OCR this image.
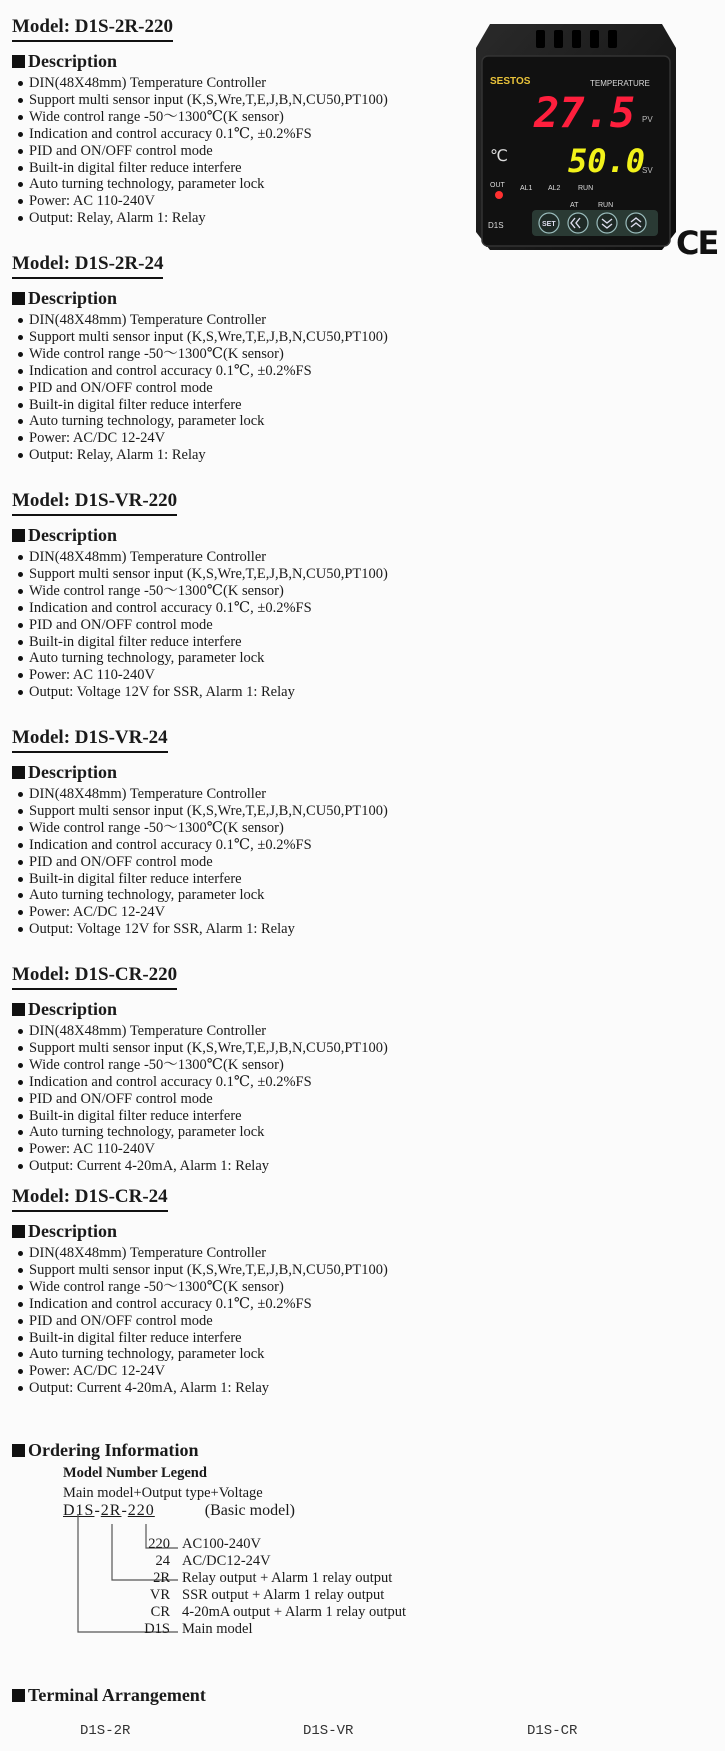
Model: D1S-2R-220
Description
DIN(48X48mm) Temperature Controller
Support multi sensor input (K,S,Wre,T,E,J,B,N,CU50,PT100)
Wide control range -50～1300℃(K sensor)
Indication and control accuracy 0.1℃, ±0.2%FS
PID and ON/OFF control mode
Built-in digital filter reduce interfere
Auto turning technology, parameter lock
Power: AC 110-240V
Output: Relay, Alarm 1: Relay
Model: D1S-2R-24
Description
DIN(48X48mm) Temperature Controller
Support multi sensor input (K,S,Wre,T,E,J,B,N,CU50,PT100)
Wide control range -50～1300℃(K sensor)
Indication and control accuracy 0.1℃, ±0.2%FS
PID and ON/OFF control mode
Built-in digital filter reduce interfere
Auto turning technology, parameter lock
Power: AC/DC 12-24V
Output: Relay, Alarm 1: Relay
Model: D1S-VR-220
Description
DIN(48X48mm) Temperature Controller
Support multi sensor input (K,S,Wre,T,E,J,B,N,CU50,PT100)
Wide control range -50～1300℃(K sensor)
Indication and control accuracy 0.1℃, ±0.2%FS
PID and ON/OFF control mode
Built-in digital filter reduce interfere
Auto turning technology, parameter lock
Power: AC 110-240V
Output: Voltage 12V for SSR, Alarm 1: Relay
Model: D1S-VR-24
Description
DIN(48X48mm) Temperature Controller
Support multi sensor input (K,S,Wre,T,E,J,B,N,CU50,PT100)
Wide control range -50～1300℃(K sensor)
Indication and control accuracy 0.1℃, ±0.2%FS
PID and ON/OFF control mode
Built-in digital filter reduce interfere
Auto turning technology, parameter lock
Power: AC/DC 12-24V
Output: Voltage 12V for SSR, Alarm 1: Relay
Model: D1S-CR-220
Description
DIN(48X48mm) Temperature Controller
Support multi sensor input (K,S,Wre,T,E,J,B,N,CU50,PT100)
Wide control range -50～1300℃(K sensor)
Indication and control accuracy 0.1℃, ±0.2%FS
PID and ON/OFF control mode
Built-in digital filter reduce interfere
Auto turning technology, parameter lock
Power: AC 110-240V
Output: Current 4-20mA, Alarm 1: Relay
Model: D1S-CR-24
Description
DIN(48X48mm) Temperature Controller
Support multi sensor input (K,S,Wre,T,E,J,B,N,CU50,PT100)
Wide control range -50～1300℃(K sensor)
Indication and control accuracy 0.1℃, ±0.2%FS
PID and ON/OFF control mode
Built-in digital filter reduce interfere
Auto turning technology, parameter lock
Power: AC/DC 12-24V
Output: Current 4-20mA, Alarm 1: Relay
SESTOS	TEMPERATURE
27.5 PV
℃ 50.0
SV
OUT AL1 AL2	RUN
AT	RUN
SET
D1S	CE
Ordering Information
Model Number Legend
Main model+Output type+Voltage
D1S-2R-220	(Basic model)
220 AC100-240V
24 AC/DC12-24V
2R Relay output + Alarm 1 relay output
VR SSR output + Alarm 1 relay output
CR 4-20mA output + Alarm 1 relay output
D1S Main model
Terminal Arrangement
D1S-2R	D1S-VR	D1S-CR
